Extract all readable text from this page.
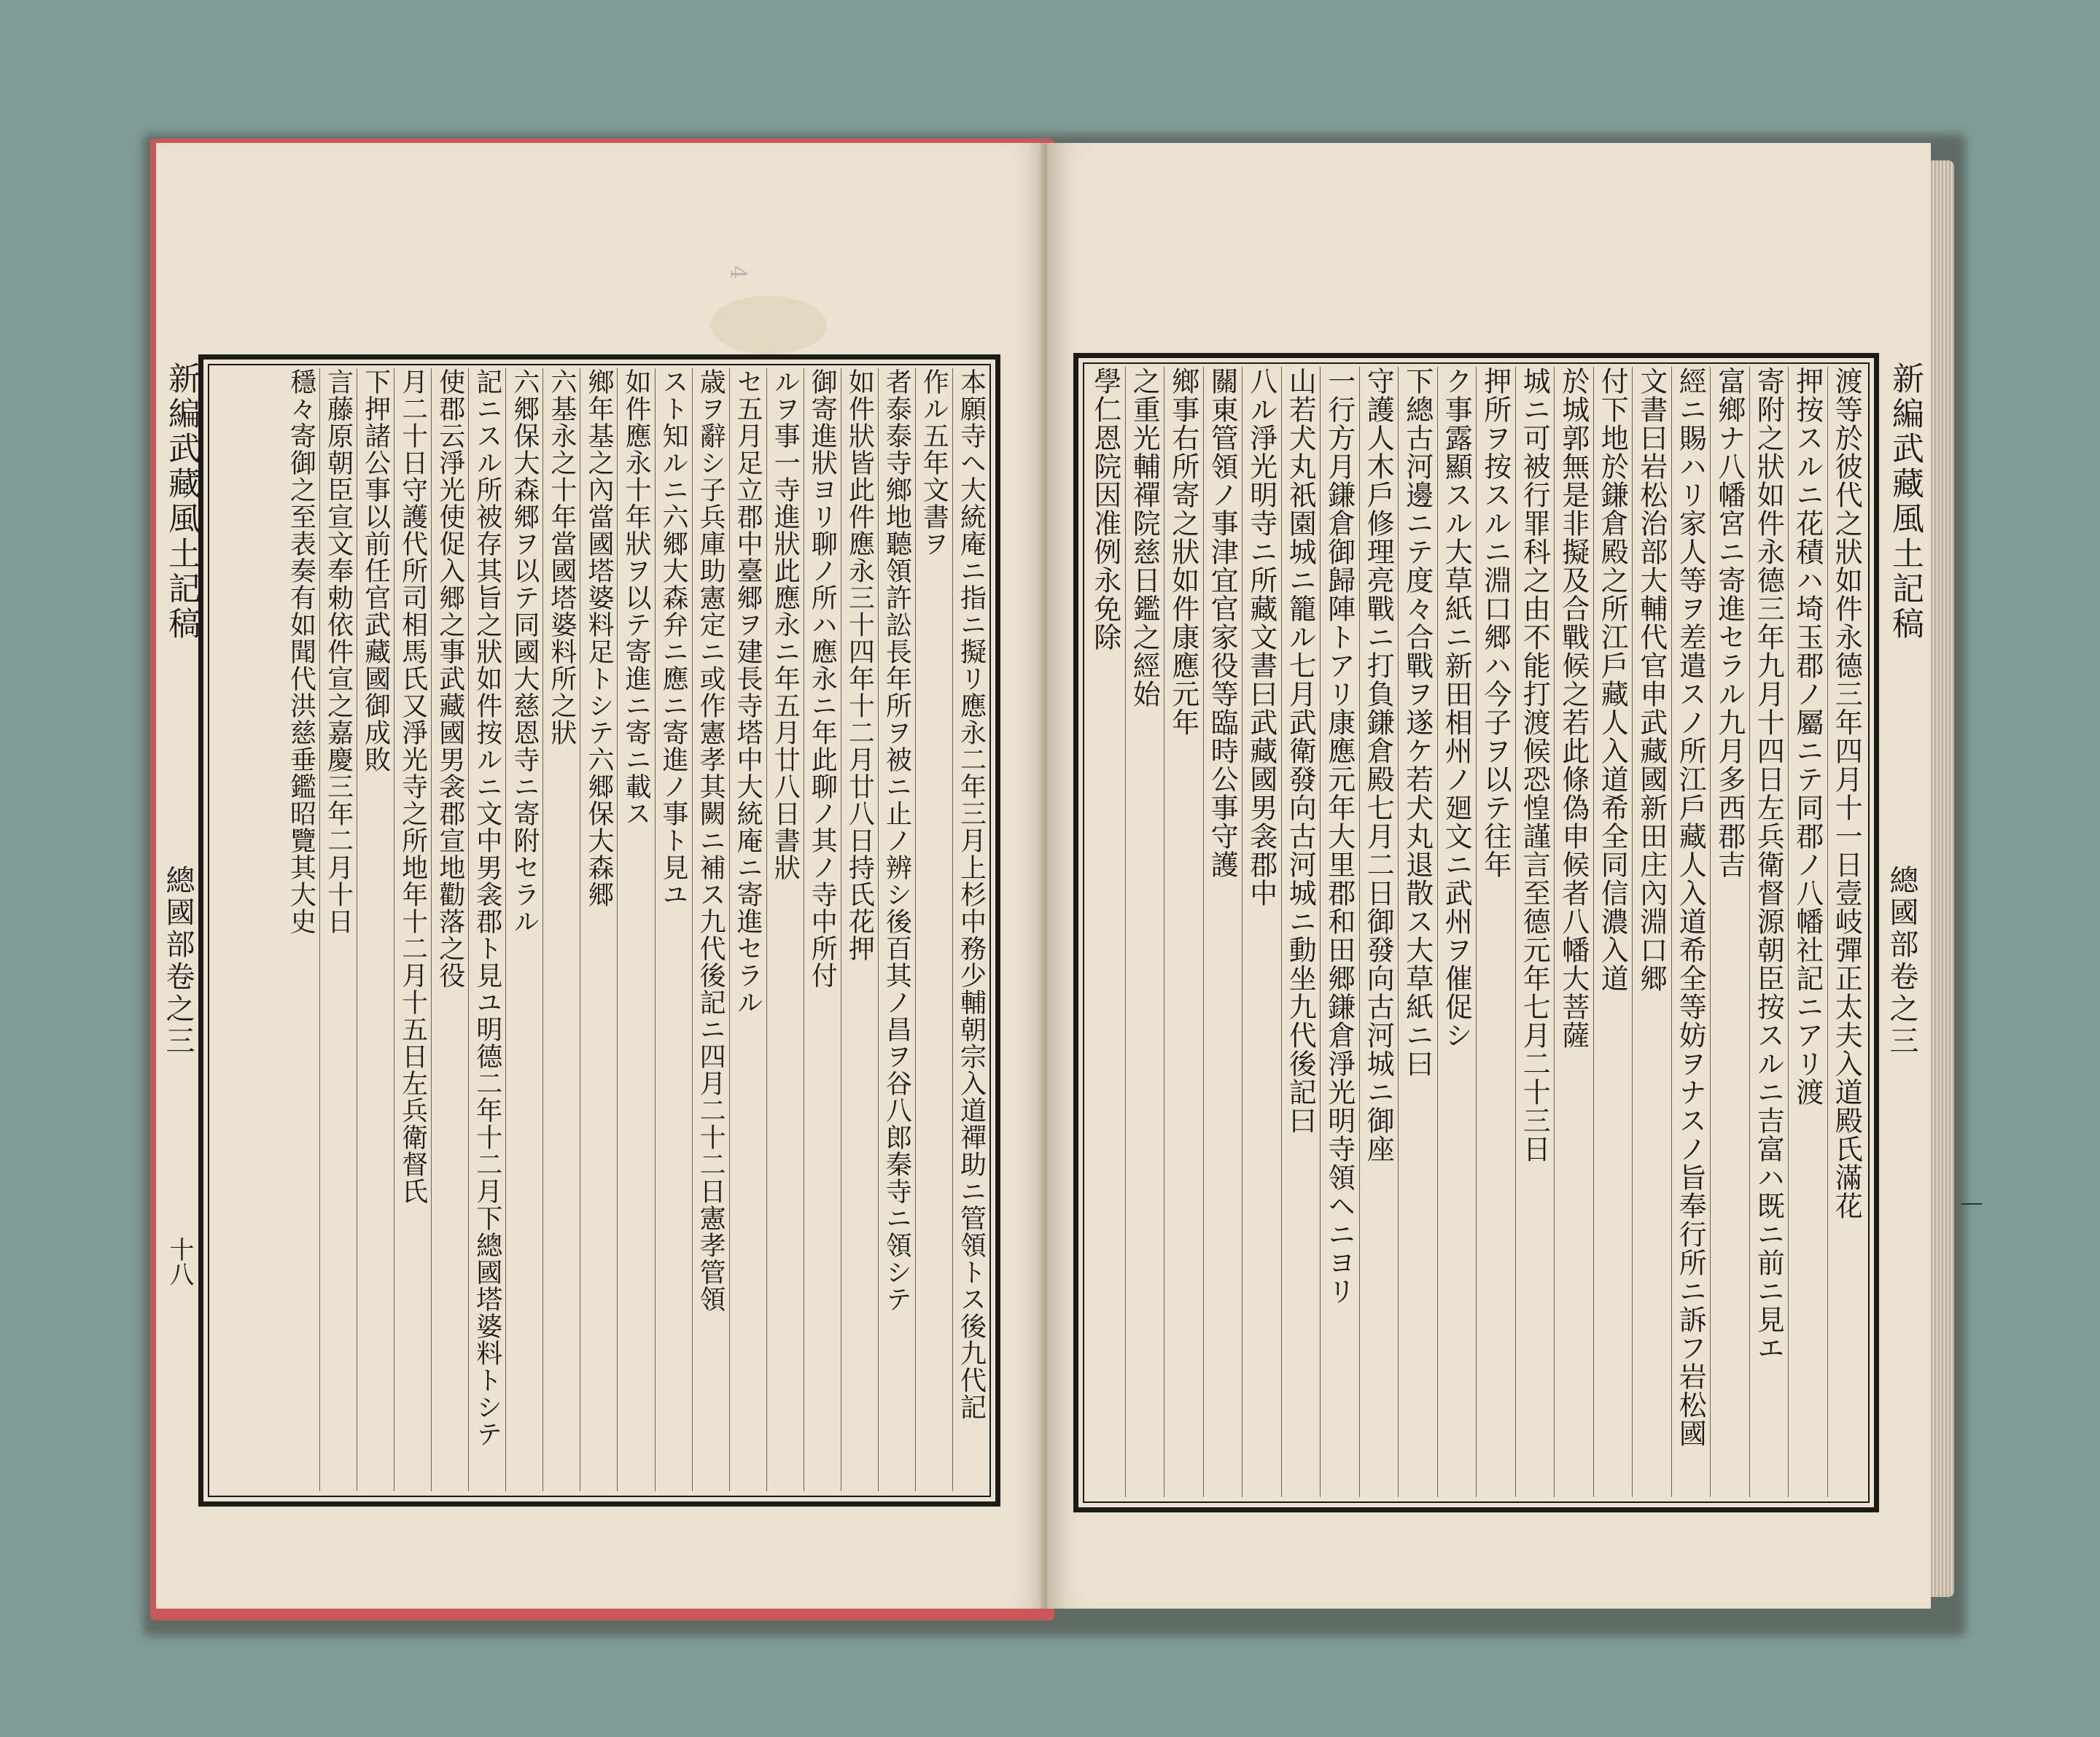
4
本願寺へ大統庵ニ指ニ擬リ應永二年三月上杉中務少輔朝宗入道禪助ニ管領トス後九代記
作ル五年文書ヲ
者泰泰寺鄉地聽領許訟長年所ヲ被ニ止ノ辨シ後百其ノ昌ヲ谷八郎秦寺ニ領シテ
如件狀皆此件應永三十四年十二月廿八日持氏花押
御寄進狀ヨリ聊ノ所ハ應永ニ年此聊ノ其ノ寺中所付
ルヲ事一寺進狀此應永ニ年五月廿八日書狀
セ五月足立郡中臺郷ヲ建長寺塔中大統庵ニ寄進セラル
歳ヲ辭シ子兵庫助憲定ニ或作憲孝其闕ニ補ス九代後記ニ四月二十二日憲孝管領
スト知ルニ六郷大森弁ニ應ニ寄進ノ事ト見ユ
如件應永十年狀ヲ以テ寄進ニ寄ニ載ス
鄉年基之內當國塔婆料足トシテ六郷保大森郷
六基永之十年當國塔婆料所之狀
六郷保大森郷ヲ以テ同國大慈恩寺ニ寄附セラル
記ニスル所被存其旨之狀如件按ルニ文中男衾郡ト見ユ明德二年十二月下總國塔婆料トシテ
使郡云淨光使促入郷之事武藏國男衾郡宣地勸落之役
月二十日守護代所司相馬氏又淨光寺之所地年十二月十五日左兵衛督氏
下押諸公事以前任官武藏國御成敗
言藤原朝臣宣文奉勅依件宣之嘉慶三年二月十日
穩々寄御之至表奏有如聞代洪慈垂鑑昭覽其大史
新編武藏風土記稿
總國部卷之三
十八
渡等於彼代之狀如件永德三年四月十一日壹岐彈正太夫入道殿氏滿花
押按スルニ花積ハ埼玉郡ノ屬ニテ同郡ノ八幡社記ニアリ渡
寄附之狀如件永德三年九月十四日左兵衛督源朝臣按スルニ吉富ハ既ニ前ニ見エ
富鄉ナ八幡宮ニ寄進セラル九月多西郡吉
經ニ賜ハリ家人等ヲ差遣スノ所江戶藏人入道希全等妨ヲナスノ旨奉行所ニ訴フ岩松國
文書曰岩松治部大輔代官申武藏國新田庄內淵口郷
付下地於鎌倉殿之所江戶藏人入道希全同信濃入道
於城郭無是非擬及合戰候之若此條偽申候者八幡大菩薩
城ニ可被行罪科之由不能打渡候恐惶謹言至德元年七月二十三日
押所ヲ按スルニ淵口郷ハ今子ヲ以テ往年
ク事露顯スル大草紙ニ新田相州ノ廻文ニ武州ヲ催促シ
下總古河邊ニテ度々合戰ヲ遂ケ若犬丸退散ス大草紙ニ曰
守護人木戶修理亮戰ニ打負鎌倉殿七月二日御發向古河城ニ御座
一行方月鎌倉御歸陣トアリ康應元年大里郡和田郷鎌倉淨光明寺領ヘニヨリ
山若犬丸祇園城ニ籠ル七月武衛發向古河城ニ動坐九代後記曰
八ル淨光明寺ニ所藏文書曰武藏國男衾郡中
關東管領ノ事津宜官家役等臨時公事守護
鄉事右所寄之狀如件康應元年
之重光輔禪院慈日鑑之經始
學仁恩院因准例永免除	新編武藏風土記稿
總國部卷之三
